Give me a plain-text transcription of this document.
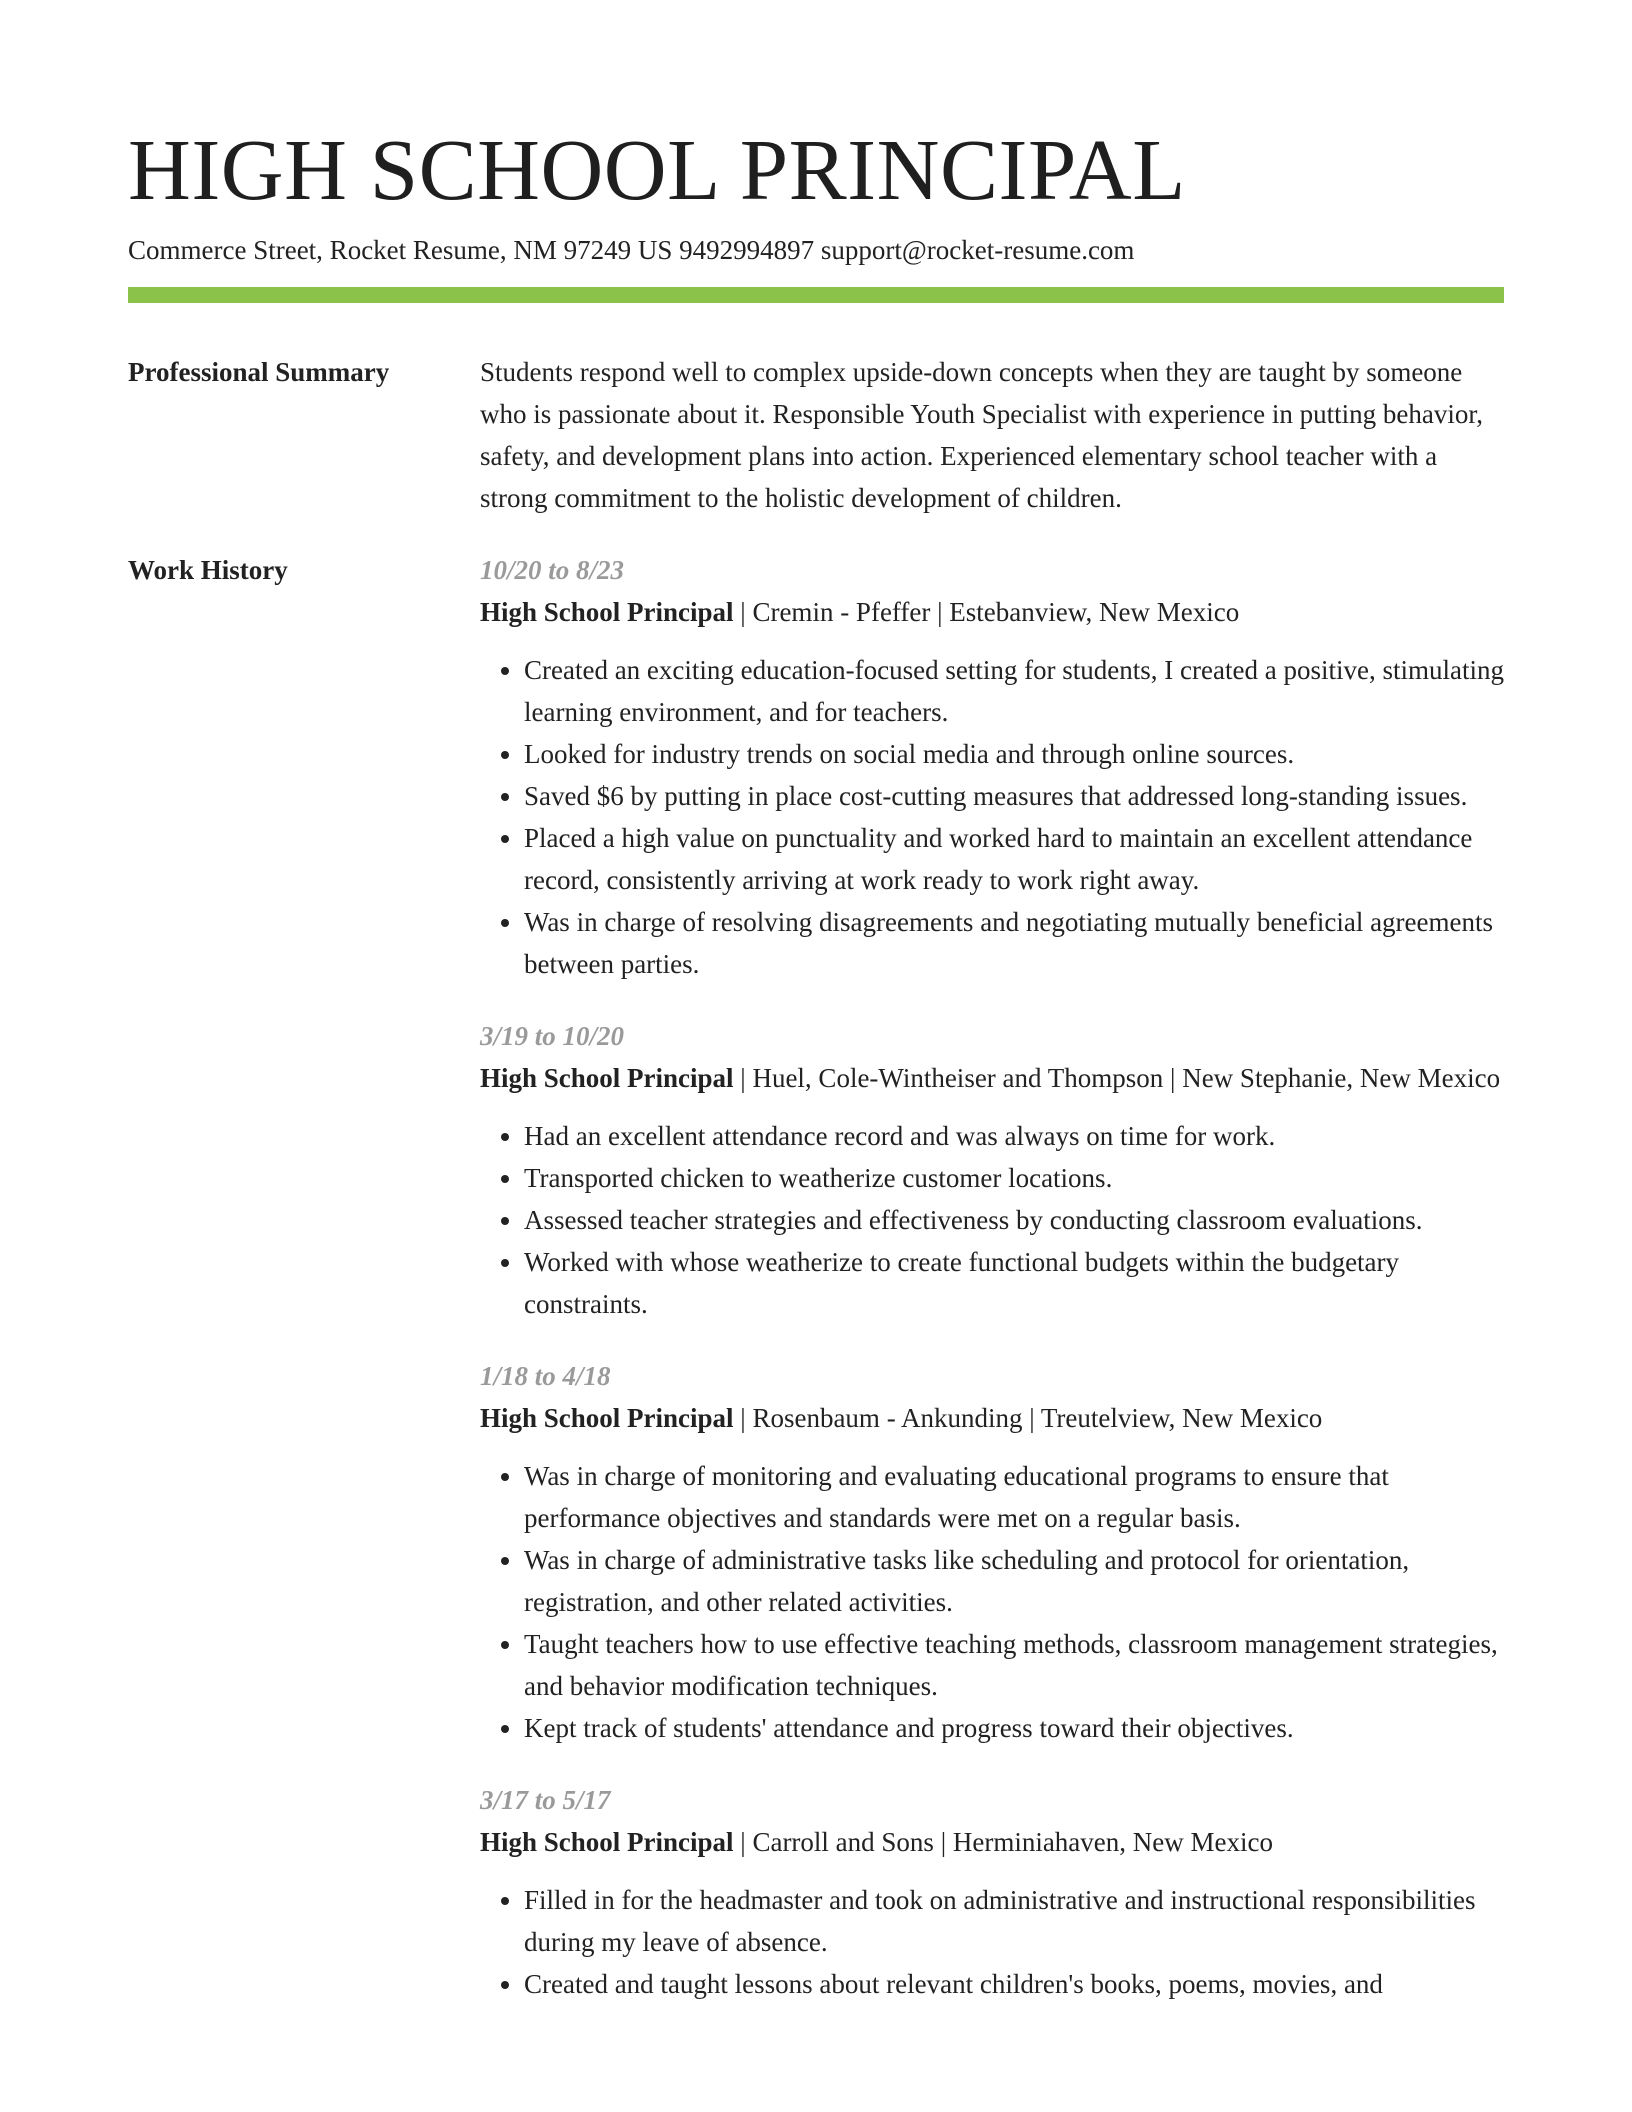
HIGH SCHOOL PRINCIPAL
Commerce Street, Rocket Resume, NM 97249 US 9492994897 support@rocket-resume.com
Professional Summary	Students respond well to complex upside-down concepts when they are taught by someone who is passionate about it. Responsible Youth Specialist with experience in putting behavior, safety, and development plans into action. Experienced elementary school teacher with a strong commitment to the holistic development of children.
Work History	10/20 to 8/23
High School Principal | Cremin - Pfeffer | Estebanview, New Mexico
• Created an exciting education-focused setting for students, I created a positive, stimulating learning environment, and for teachers.
• Looked for industry trends on social media and through online sources.
• Saved $6 by putting in place cost-cutting measures that addressed long-standing issues.
• Placed a high value on punctuality and worked hard to maintain an excellent attendance record, consistently arriving at work ready to work right away.
• Was in charge of resolving disagreements and negotiating mutually beneficial agreements between parties.
3/19 to 10/20
High School Principal | Huel, Cole-Wintheiser and Thompson | New Stephanie, New Mexico
• Had an excellent attendance record and was always on time for work.
• Transported chicken to weatherize customer locations.
• Assessed teacher strategies and effectiveness by conducting classroom evaluations.
• Worked with whose weatherize to create functional budgets within the budgetary constraints.
1/18 to 4/18
High School Principal | Rosenbaum - Ankunding | Treutelview, New Mexico
• Was in charge of monitoring and evaluating educational programs to ensure that performance objectives and standards were met on a regular basis.
• Was in charge of administrative tasks like scheduling and protocol for orientation, registration, and other related activities.
• Taught teachers how to use effective teaching methods, classroom management strategies, and behavior modification techniques.
• Kept track of students' attendance and progress toward their objectives.
3/17 to 5/17
High School Principal | Carroll and Sons | Herminiahaven, New Mexico
• Filled in for the headmaster and took on administrative and instructional responsibilities during my leave of absence.
• Created and taught lessons about relevant children's books, poems, movies, and
